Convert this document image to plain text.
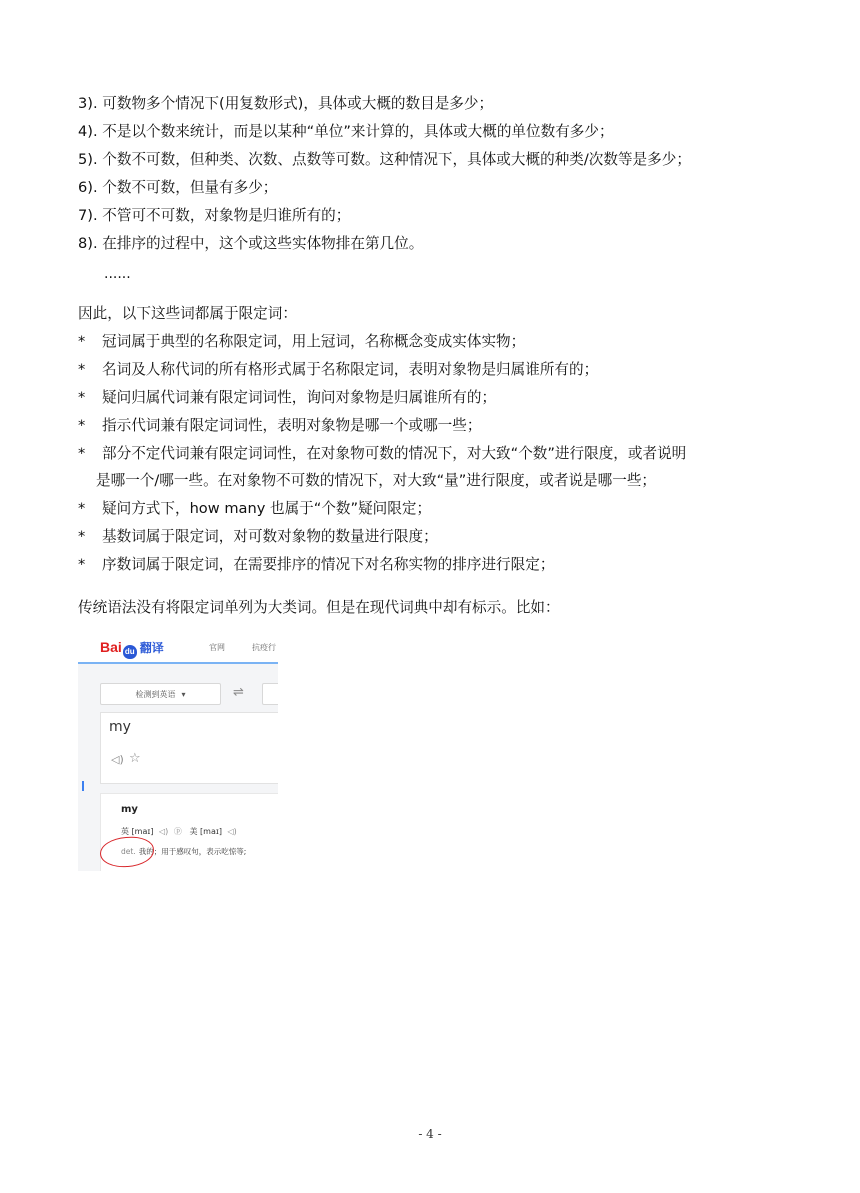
3). 可数物多个情况下(用复数形式)，具体或大概的数目是多少；
4). 不是以个数来统计，而是以某种“单位”来计算的，具体或大概的单位数有多少；
5). 个数不可数，但种类、次数、点数等可数。这种情况下，具体或大概的种类/次数等是多少；
6). 个数不可数，但量有多少；
7). 不管可不可数，对象物是归谁所有的；
8). 在排序的过程中，这个或这些实体物排在第几位。
......
因此，以下这些词都属于限定词：
* 冠词属于典型的名称限定词，用上冠词，名称概念变成实体实物；
* 名词及人称代词的所有格形式属于名称限定词，表明对象物是归属谁所有的；
* 疑问归属代词兼有限定词词性，询问对象物是归属谁所有的；
* 指示代词兼有限定词词性，表明对象物是哪一个或哪一些；
* 部分不定代词兼有限定词词性，在对象物可数的情况下，对大致“个数”进行限度，或者说明
是哪一个/哪一些。在对象物不可数的情况下，对大致“量”进行限度，或者说是哪一些；
* 疑问方式下，how many 也属于“个数”疑问限定；
* 基数词属于限定词，对可数对象物的数量进行限度；
* 序数词属于限定词，在需要排序的情况下对名称实物的排序进行限定；
传统语法没有将限定词单列为大类词。但是在现代词典中却有标示。比如：
Bai du 翻译	官网	抗疫行
检测到英语 ▾	⇌
my
◁) ☆
my
英 [maɪ] ◁) ⓟ 美 [maɪ] ◁)
det. 我的；用于感叹句，表示吃惊等;
- 4 -
